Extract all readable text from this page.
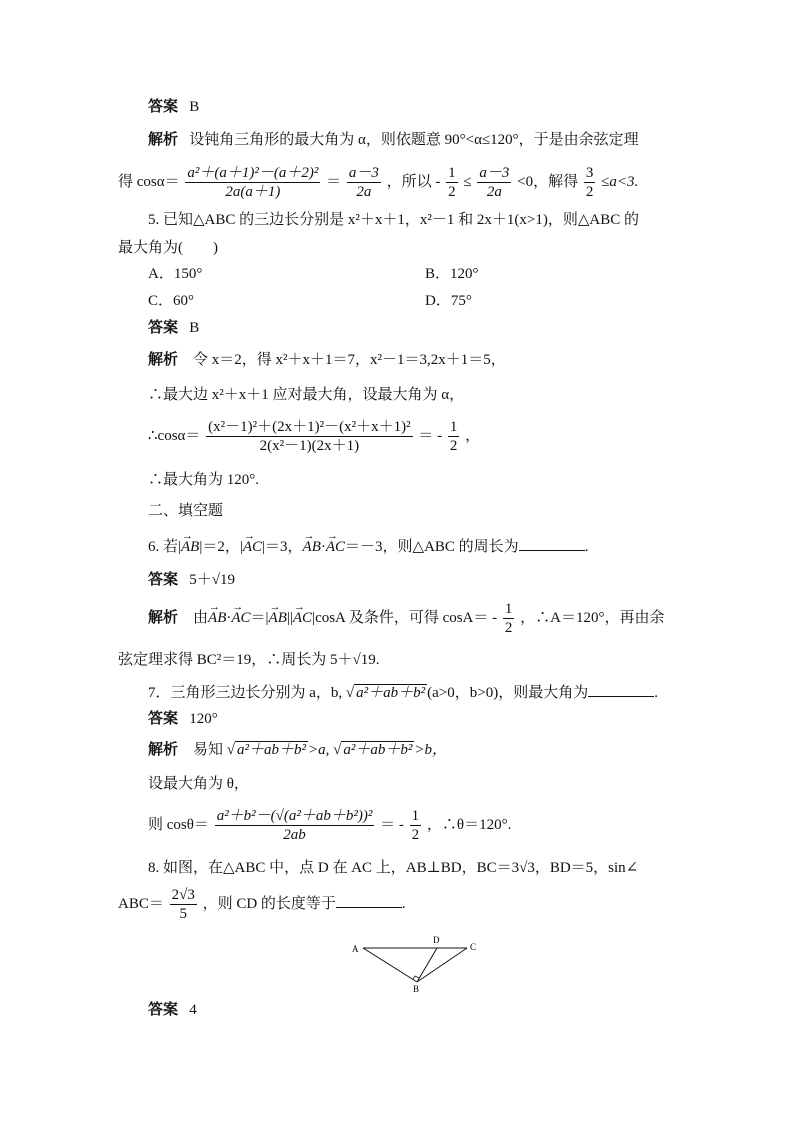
答案 B
解析 设钝角三角形的最大角为 α，则依题意 90°<α≤120°，于是由余弦定理
得 $\cos\alpha= \frac{\text{a²＋(a＋1)²－(a＋2)²}}{2a(a+1)} = \frac{a-3}{2a}$ ，所以 - $\frac{1}{2} \le \frac{a-3}{2a} <0$，解得 $\frac{3}{2} \le a<3$.
5. 已知△ABC 的三边长分别是 x²＋x＋1，x²－1 和 2x＋1(x>1)，则△ABC 的
最大角为(　　)
A．150°	B．120°
C．60°	D．75°
答案 B
解析 令 x＝2，得 x²＋x＋1＝7，x²－1＝3,2x＋1＝5，
∴最大边 x²＋x＋1 应对最大角，设最大角为 α，
∴cosα＝ $\frac{\text{(x²－1)²＋(2x＋1)²－(x²＋x＋1)²}}{\text{2(x²－1)(2x＋1)}}$ ＝ - $\frac{1}{2}$ ，
∴最大角为 120°.
二、填空题
6. 若|→ AB|＝2，|→ AC|＝3，→ AB·→ AC＝－3，则△ABC 的周长为	.
答案 5＋√19
解析 由→ AB·→ AC＝|→ AB||→ AC|cosA 及条件，可得 $\cos A= - \frac{1}{2}$ ，∴A＝120°，再由余
弦定理求得 BC²＝19，∴周长为 5＋√19.
7．三角形三边长分别为 a，b, √ a²＋ab＋b² (a>0，b>0)，则最大角为	.
答案 120°
解析 易知 √ a²＋ab＋b² >a, √ a²＋ab＋b² >b，
设最大角为 θ，
则 $\cos\theta= \frac{\text{a²＋b²－(√(a²＋ab＋b²))²}}{2ab}$ ＝ - $\frac{1}{2}$ ，∴θ＝120°.
8. 如图，在△ABC 中，点 D 在 AC 上，AB⊥BD，BC＝3√3，BD＝5，sin∠
$ABC= \frac{2√3}{5}$ ，则 CD 的长度等于	.
A
D
C
B
答案 4
